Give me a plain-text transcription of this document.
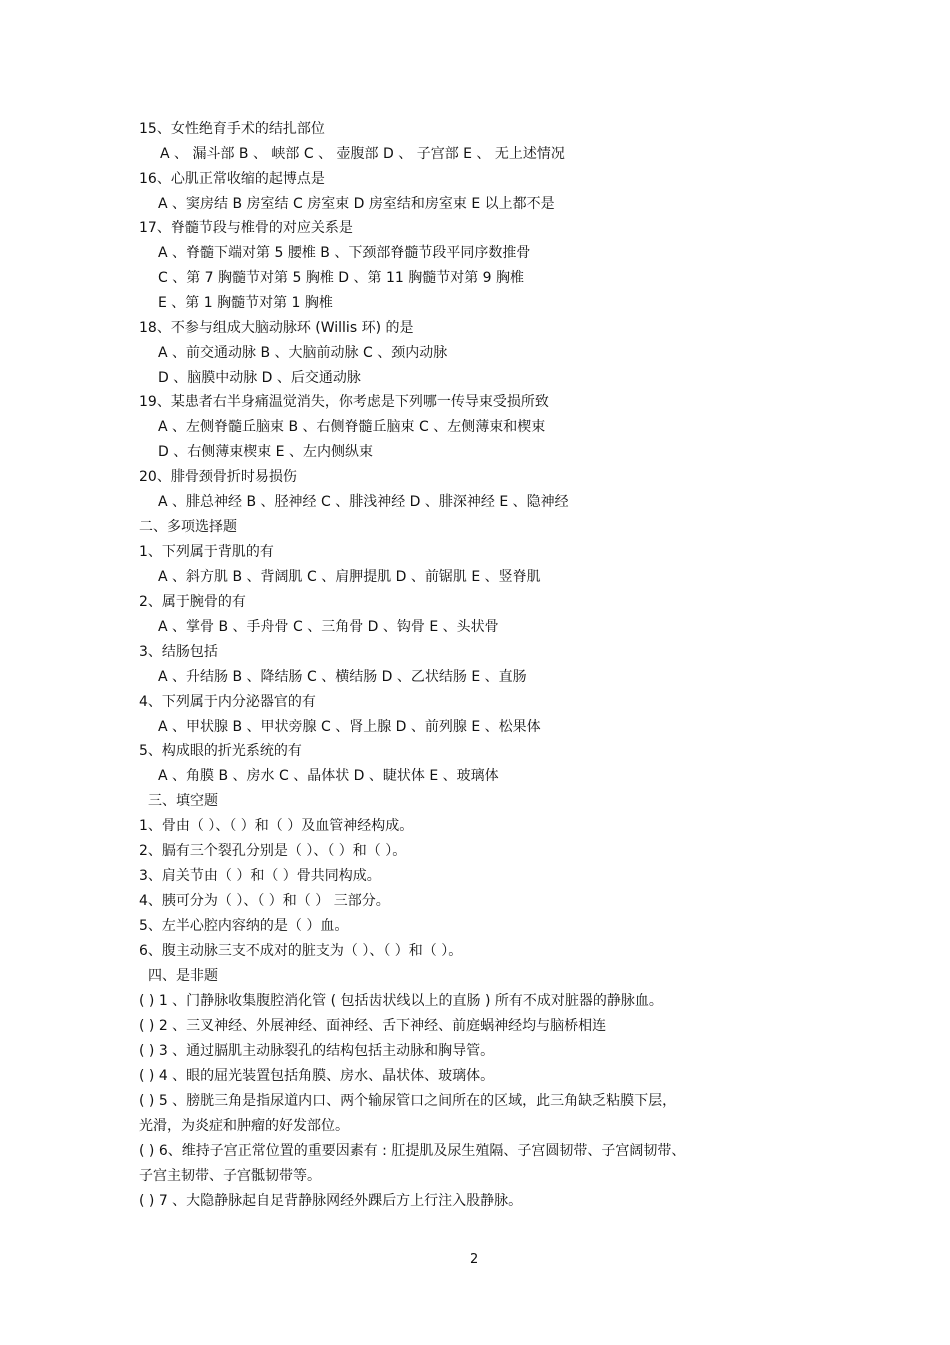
15、女性绝育手术的结扎部位
A 、 漏斗部 B 、 峡部 C 、 壶腹部 D 、 子宫部 E 、 无上述情况
16、心肌正常收缩的起博点是
A 、窦房结 B 房室结 C 房室束 D 房室结和房室束 E 以上都不是
17、脊髓节段与椎骨的对应关系是
A 、脊髓下端对第 5 腰椎 B 、下颈部脊髓节段平同序数推骨
C 、第 7 胸髓节对第 5 胸椎 D 、第 11 胸髓节对第 9 胸椎
E 、第 1 胸髓节对第 1 胸椎
18、不参与组成大脑动脉环 (Willis 环) 的是
A 、前交通动脉 B 、大脑前动脉 C 、颈内动脉
D 、脑膜中动脉 D 、后交通动脉
19、某患者右半身痛温觉消失，你考虑是下列哪一传导束受损所致
A 、左侧脊髓丘脑束 B 、右侧脊髓丘脑束 C 、左侧薄束和楔束
D 、右侧薄束楔束 E 、左内侧纵束
20、腓骨颈骨折时易损伤
A 、腓总神经 B 、胫神经 C 、腓浅神经 D 、腓深神经 E 、隐神经
二、多项选择题
1、下列属于背肌的有
A 、斜方肌 B 、背阔肌 C 、肩胛提肌 D 、前锯肌 E 、竖脊肌
2、属于腕骨的有
A 、掌骨 B 、手舟骨 C 、三角骨 D 、钩骨 E 、头状骨
3、结肠包括
A 、升结肠 B 、降结肠 C 、横结肠 D 、乙状结肠 E 、直肠
4、下列属于内分泌器官的有
A 、甲状腺 B 、甲状旁腺 C 、肾上腺 D 、前列腺 E 、松果体
5、构成眼的折光系统的有
A 、角膜 B 、房水 C 、晶体状 D 、睫状体 E 、玻璃体
三、填空题
1、骨由（ ）、（ ）和（ ）及血管神经构成。
2、膈有三个裂孔分别是（ ）、（ ）和（ ）。
3、肩关节由（ ）和（ ）骨共同构成。
4、胰可分为（ ）、（ ）和（ ） 三部分。
5、左半心腔内容纳的是（ ）血。
6、腹主动脉三支不成对的脏支为（ ）、（ ）和（ ）。
四、是非题
( ) 1 、门静脉收集腹腔消化管 ( 包括齿状线以上的直肠 ) 所有不成对脏器的静脉血。
( ) 2 、三叉神经、外展神经、面神经、舌下神经、前庭蜗神经均与脑桥相连
( ) 3 、通过膈肌主动脉裂孔的结构包括主动脉和胸导管。
( ) 4 、眼的屈光装置包括角膜、房水、晶状体、玻璃体。
( ) 5 、膀胱三角是指尿道内口、两个输尿管口之间所在的区域，此三角缺乏粘膜下层，
光滑，为炎症和肿瘤的好发部位。
( ) 6、维持子宫正常位置的重要因素有 : 肛提肌及尿生殖隔、子宫圆韧带、子宫阔韧带、
子宫主韧带、子宫骶韧带等。
( ) 7 、大隐静脉起自足背静脉网经外踝后方上行注入股静脉。
2
